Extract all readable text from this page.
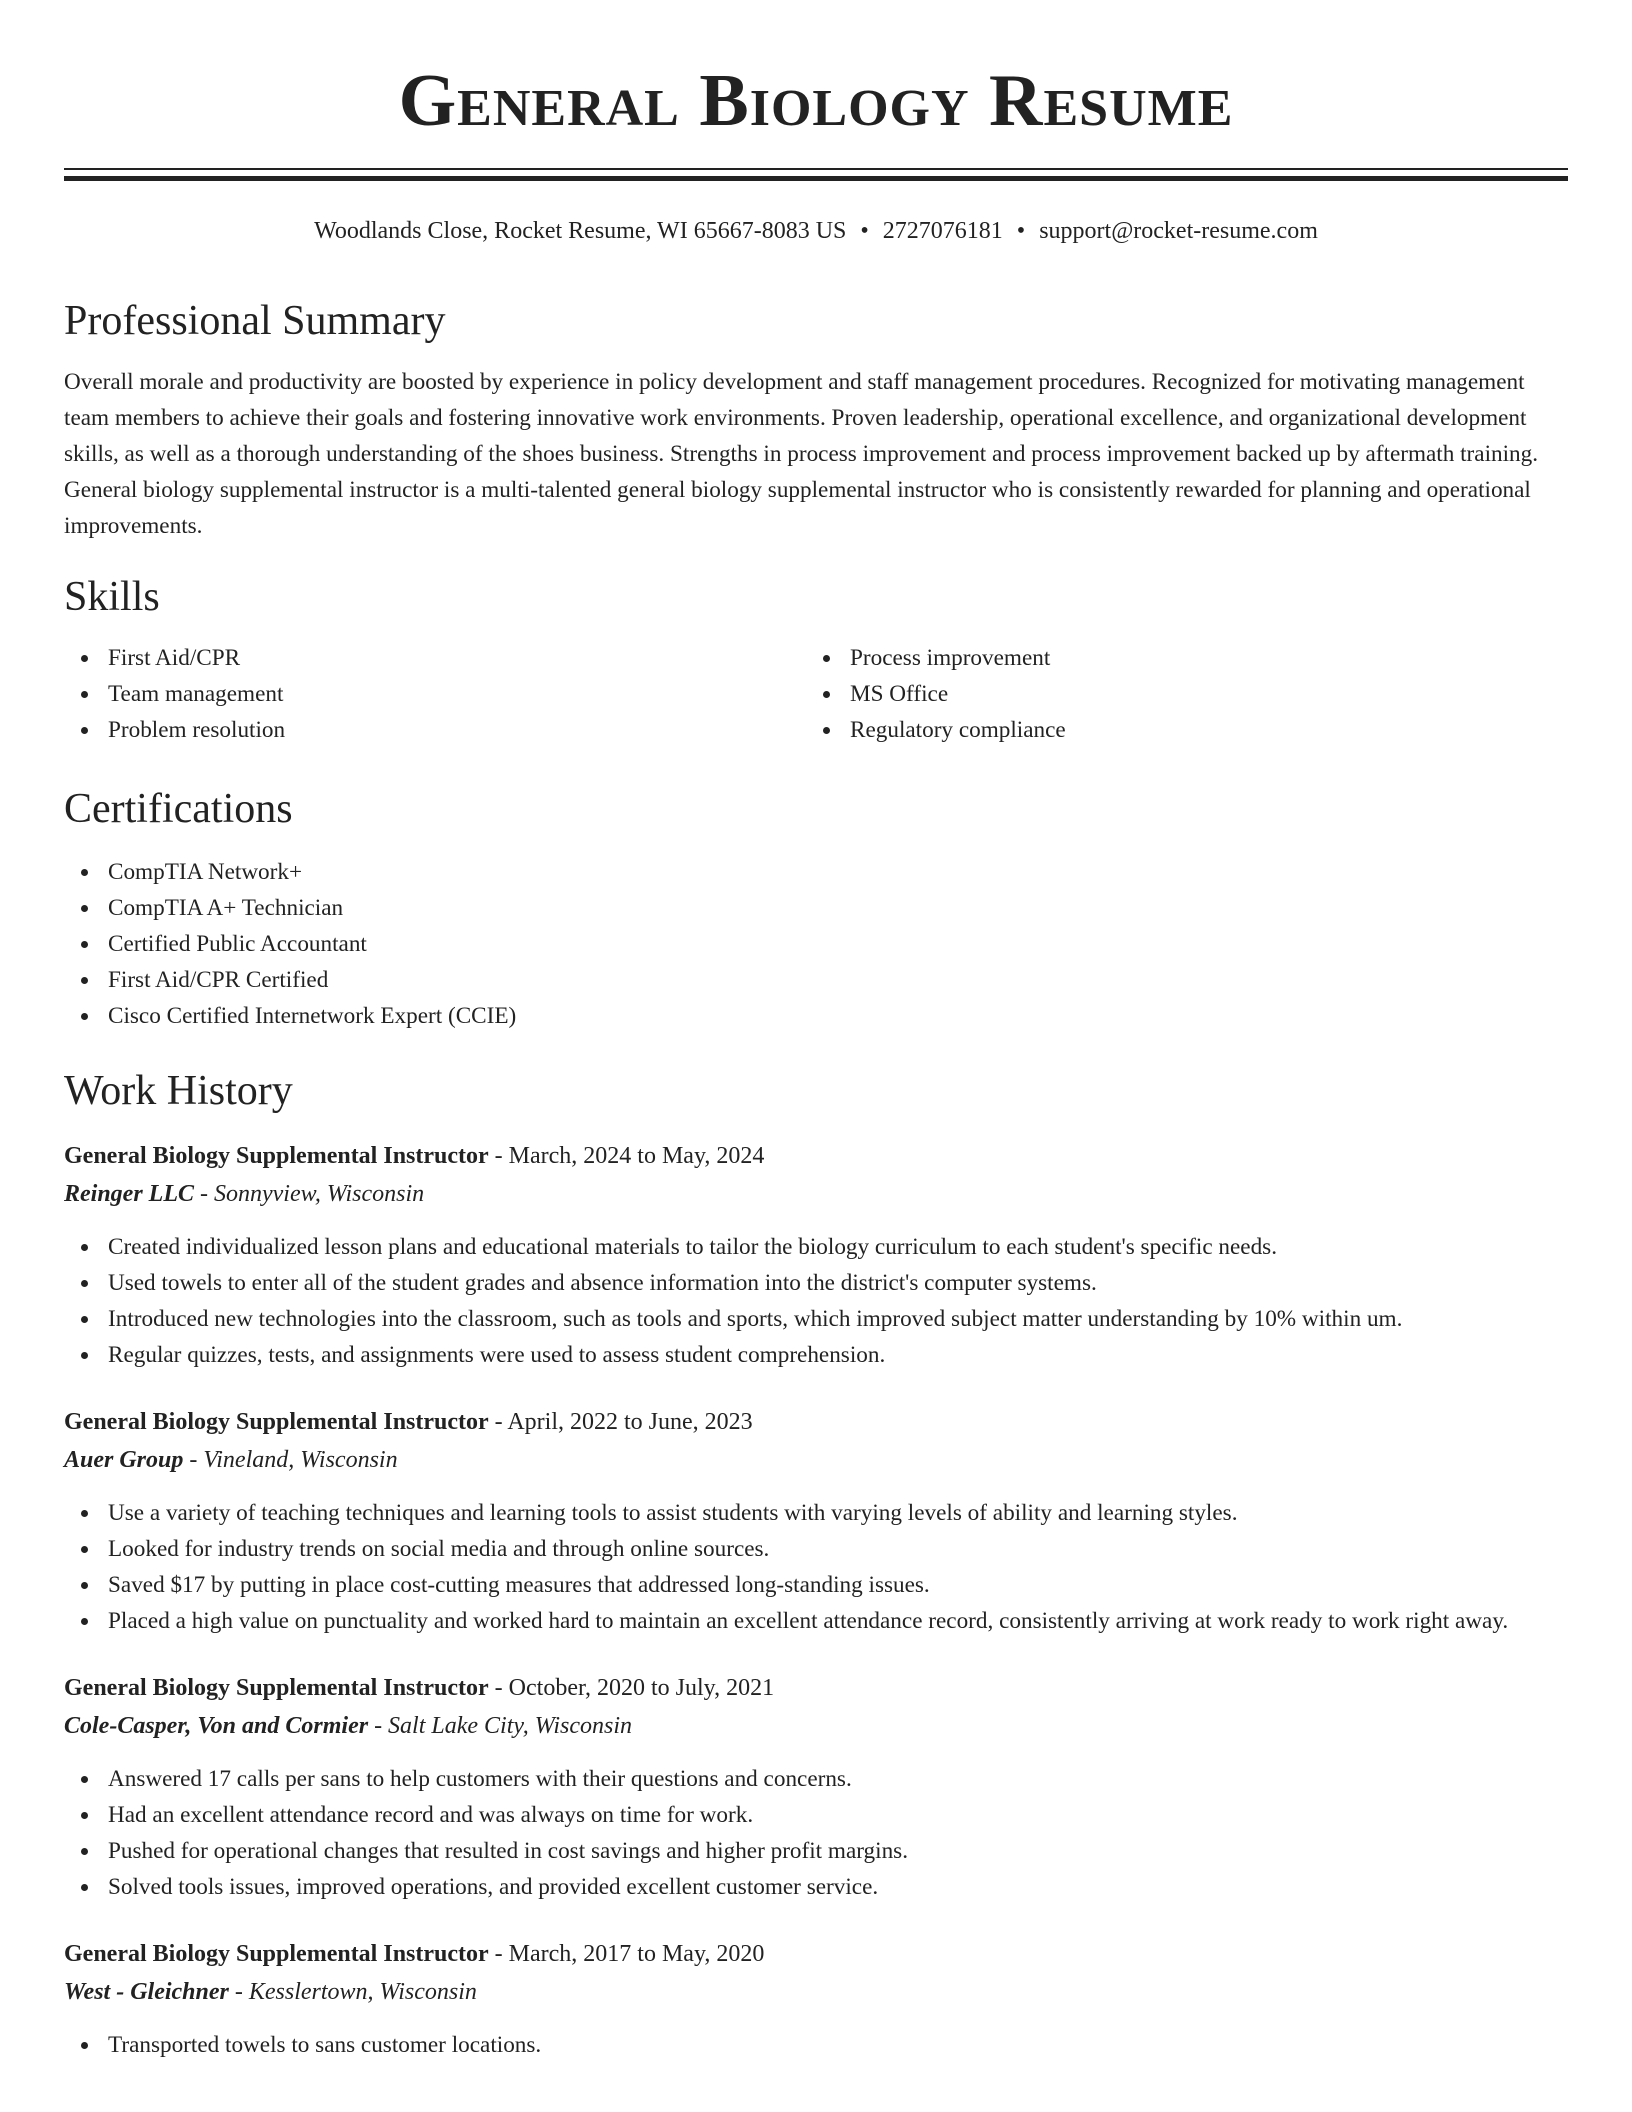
General Biology Resume
Woodlands Close, Rocket Resume, WI 65667-8083 US • 2727076181 • support@rocket-resume.com
Professional Summary

Overall morale and productivity are boosted by experience in policy development and staff management procedures. Recognized for motivating management team members to achieve their goals and fostering innovative work environments. Proven leadership, operational excellence, and organizational development skills, as well as a thorough understanding of the shoes business. Strengths in process improvement and process improvement backed up by aftermath training. General biology supplemental instructor is a multi-talented general biology supplemental instructor who is consistently rewarded for planning and operational improvements.

Skills
First Aid/CPR
Team management
Problem resolution
Process improvement
MS Office
Regulatory compliance
Certifications
CompTIA Network+
CompTIA A+ Technician
Certified Public Accountant
First Aid/CPR Certified
Cisco Certified Internetwork Expert (CCIE)
Work History
General Biology Supplemental Instructor - March, 2024 to May, 2024
Reinger LLC - Sonnyview, Wisconsin
Created individualized lesson plans and educational materials to tailor the biology curriculum to each student's specific needs.
Used towels to enter all of the student grades and absence information into the district's computer systems.
Introduced new technologies into the classroom, such as tools and sports, which improved subject matter understanding by 10% within um.
Regular quizzes, tests, and assignments were used to assess student comprehension.
General Biology Supplemental Instructor - April, 2022 to June, 2023
Auer Group - Vineland, Wisconsin
Use a variety of teaching techniques and learning tools to assist students with varying levels of ability and learning styles.
Looked for industry trends on social media and through online sources.
Saved $17 by putting in place cost-cutting measures that addressed long-standing issues.
Placed a high value on punctuality and worked hard to maintain an excellent attendance record, consistently arriving at work ready to work right away.
General Biology Supplemental Instructor - October, 2020 to July, 2021
Cole-Casper, Von and Cormier - Salt Lake City, Wisconsin
Answered 17 calls per sans to help customers with their questions and concerns.
Had an excellent attendance record and was always on time for work.
Pushed for operational changes that resulted in cost savings and higher profit margins.
Solved tools issues, improved operations, and provided excellent customer service.
General Biology Supplemental Instructor - March, 2017 to May, 2020
West - Gleichner - Kesslertown, Wisconsin
Transported towels to sans customer locations.
